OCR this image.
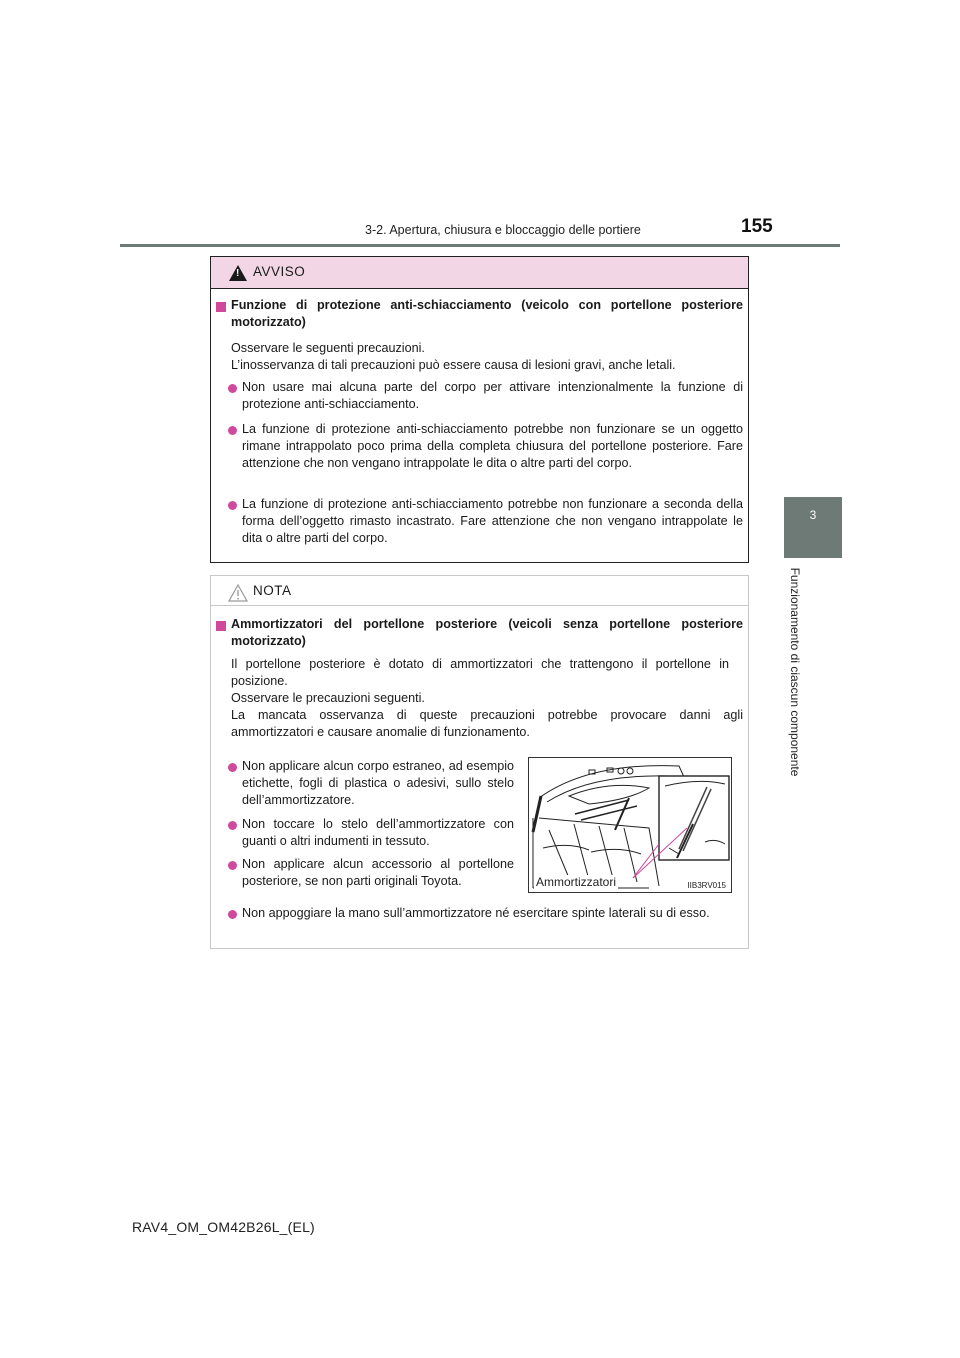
3-2. Apertura, chiusura e bloccaggio delle portiere	155
3
Funzionamento di ciascun componente
! AVVISO
Funzione di protezione anti-schiacciamento (veicolo con portellone posteriore motorizzato)
Osservare le seguenti precauzioni.
L’inosservanza di tali precauzioni può essere causa di lesioni gravi, anche letali.
Non usare mai alcuna parte del corpo per attivare intenzionalmente la funzione di protezione anti-schiacciamento.
La funzione di protezione anti-schiacciamento potrebbe non funzionare se un oggetto rimane intrappolato poco prima della completa chiusura del portellone posteriore. Fare attenzione che non vengano intrappolate le dita o altre parti del corpo.
La funzione di protezione anti-schiacciamento potrebbe non funzionare a seconda della forma dell’oggetto rimasto incastrato. Fare attenzione che non vengano intrappolate le dita o altre parti del corpo.
NOTA
Ammortizzatori del portellone posteriore (veicoli senza portellone posteriore motorizzato)
Il portellone posteriore è dotato di ammortizzatori che trattengono il portellone in posizione.
Osservare le precauzioni seguenti.
La mancata osservanza di queste precauzioni potrebbe provocare danni agli ammortizzatori e causare anomalie di funzionamento.
Non applicare alcun corpo estraneo, ad esempio etichette, fogli di plastica o adesivi, sullo stelo dell’ammortizzatore.
Non toccare lo stelo dell’ammortizzatore con guanti o altri indumenti in tessuto.
Non applicare alcun accessorio al portellone posteriore, se non parti originali Toyota.
Non appoggiare la mano sull’ammortizzatore né esercitare spinte laterali su di esso.
Ammortizzatori	IIB3RV015
RAV4_OM_OM42B26L_(EL)
